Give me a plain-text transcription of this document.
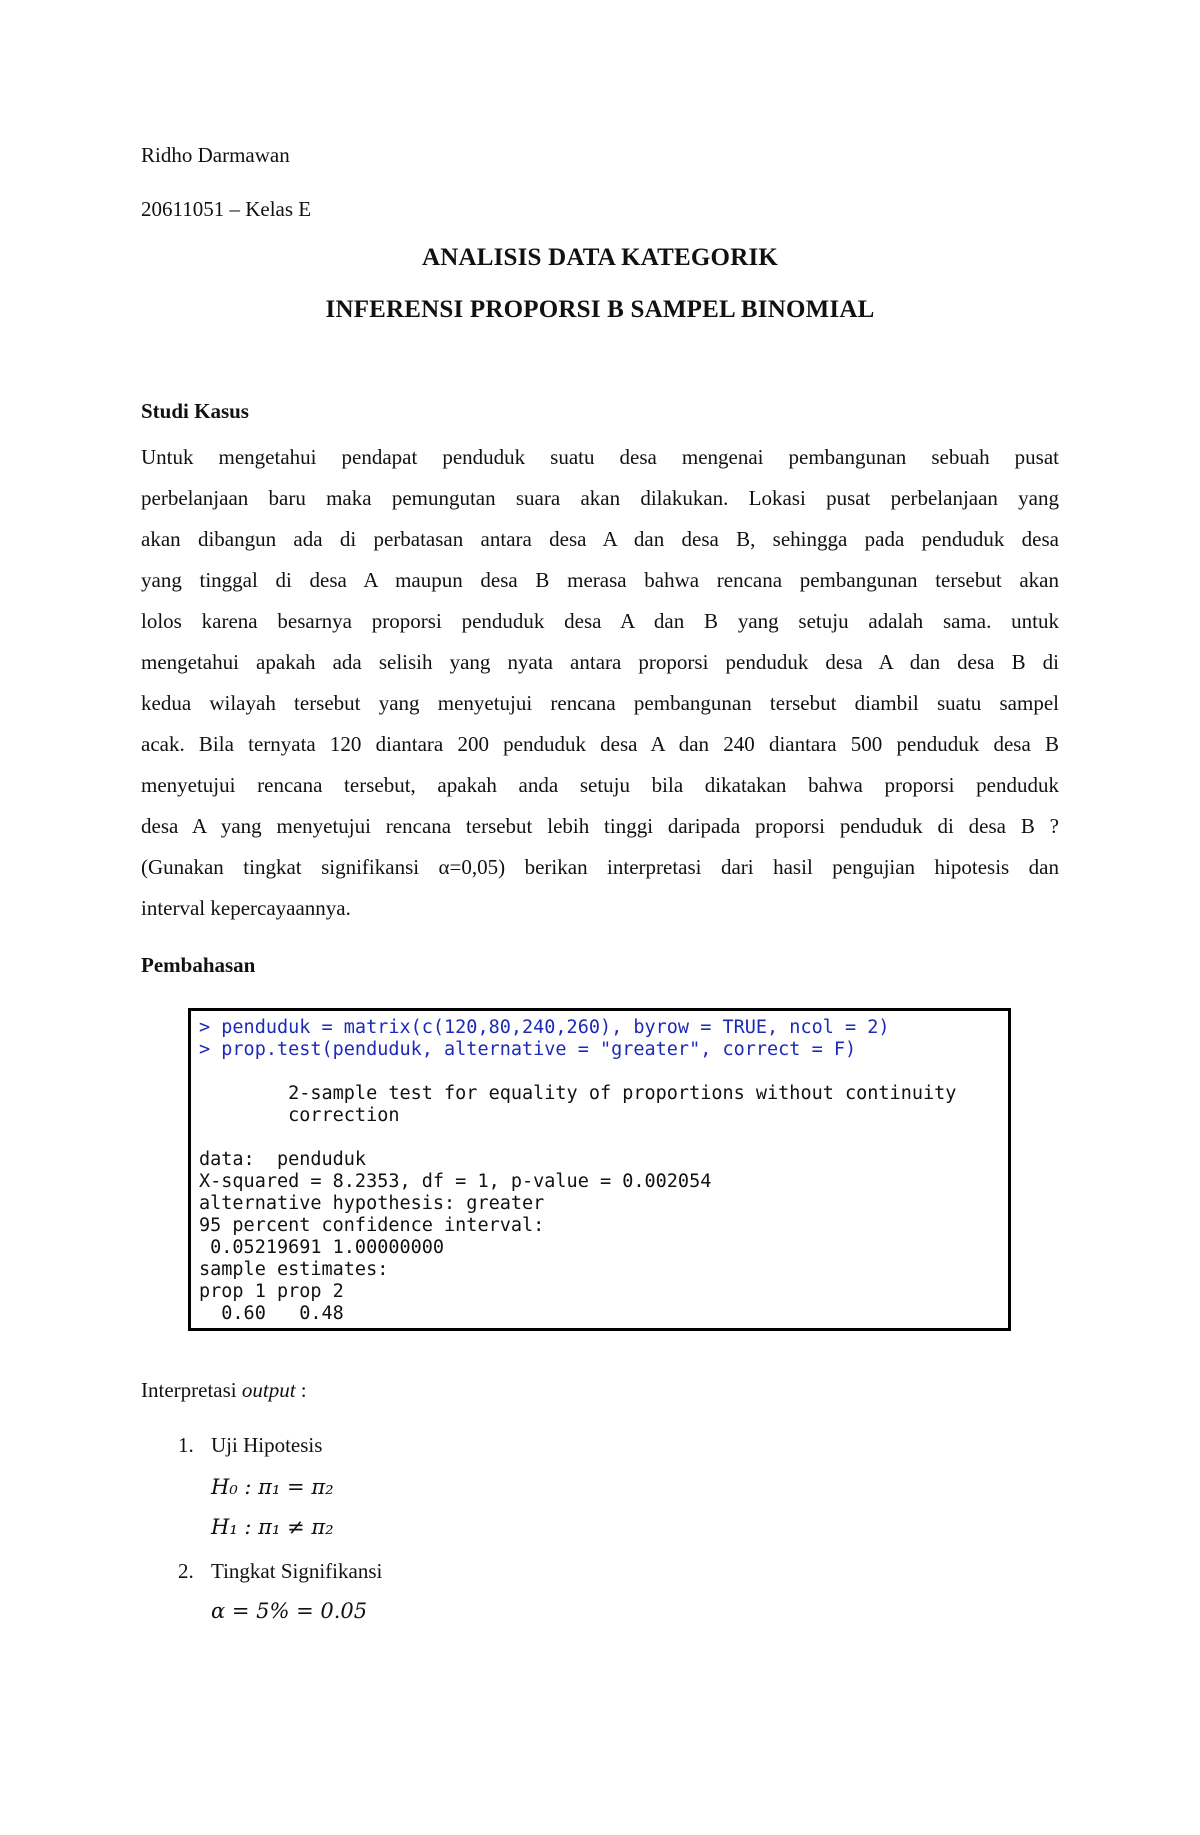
Ridho Darmawan
20611051 – Kelas E
ANALISIS DATA KATEGORIK
INFERENSI PROPORSI B SAMPEL BINOMIAL
Studi Kasus
Untuk mengetahui pendapat penduduk suatu desa mengenai pembangunan sebuah pusat
perbelanjaan baru maka pemungutan suara akan dilakukan. Lokasi pusat perbelanjaan yang
akan dibangun ada di perbatasan antara desa A dan desa B, sehingga pada penduduk desa
yang tinggal di desa A maupun desa B merasa bahwa rencana pembangunan tersebut akan
lolos karena besarnya proporsi penduduk desa A dan B yang setuju adalah sama. untuk
mengetahui apakah ada selisih yang nyata antara proporsi penduduk desa A dan desa B di
kedua wilayah tersebut yang menyetujui rencana pembangunan tersebut diambil suatu sampel
acak. Bila ternyata 120 diantara 200 penduduk desa A dan 240 diantara 500 penduduk desa B
menyetujui rencana tersebut, apakah anda setuju bila dikatakan bahwa proporsi penduduk
desa A yang menyetujui rencana tersebut lebih tinggi daripada proporsi penduduk di desa B ?
(Gunakan tingkat signifikansi α=0,05) berikan interpretasi dari hasil pengujian hipotesis dan
interval kepercayaannya.
Pembahasan
> penduduk = matrix(c(120,80,240,260), byrow = TRUE, ncol = 2)
> prop.test(penduduk, alternative = "greater", correct = F)
2-sample test for equality of proportions without continuity
correction
data:  penduduk
X-squared = 8.2353, df = 1, p-value = 0.002054
alternative hypothesis: greater
95 percent confidence interval:
0.05219691 1.00000000
sample estimates:
prop 1 prop 2
0.60   0.48
Interpretasi output :
1. Uji Hipotesis
H₀ : π₁ = π₂
H₁ : π₁ ≠ π₂
2. Tingkat Signifikansi
α = 5% = 0.05
